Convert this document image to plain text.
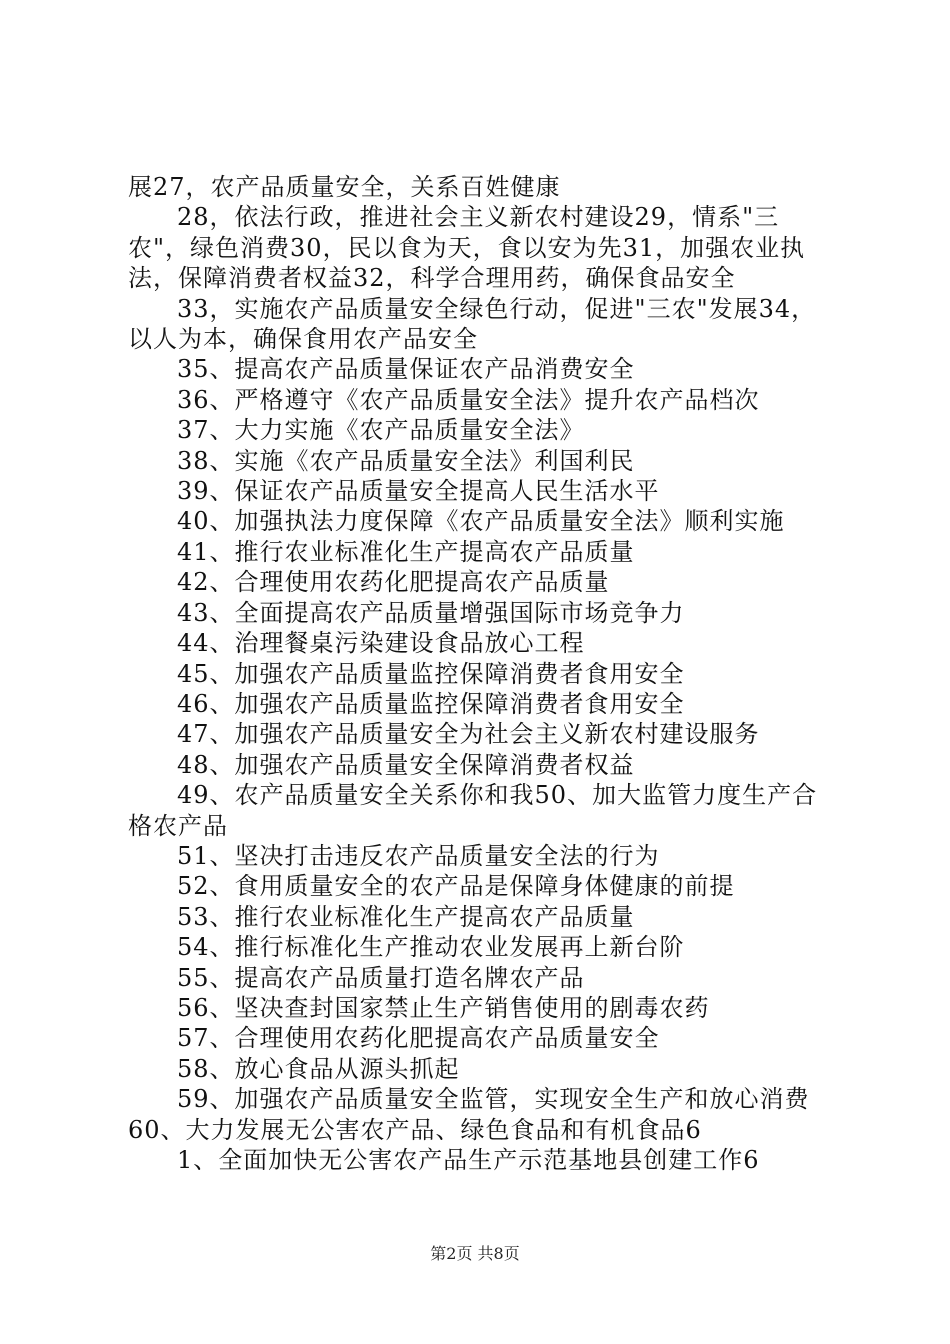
展27，农产品质量安全，关系百姓健康

28，依法行政，推进社会主义新农村建设29，情系"三农"，绿色消费30，民以食为天，食以安为先31，加强农业执法，保障消费者权益32，科学合理用药，确保食品安全

33，实施农产品质量安全绿色行动，促进"三农"发展34，以人为本，确保食用农产品安全

35、提高农产品质量保证农产品消费安全

36、严格遵守《农产品质量安全法》提升农产品档次

37、大力实施《农产品质量安全法》

38、实施《农产品质量安全法》利国利民

39、保证农产品质量安全提高人民生活水平

40、加强执法力度保障《农产品质量安全法》顺利实施

41、推行农业标准化生产提高农产品质量

42、合理使用农药化肥提高农产品质量

43、全面提高农产品质量增强国际市场竞争力

44、治理餐桌污染建设食品放心工程

45、加强农产品质量监控保障消费者食用安全

46、加强农产品质量监控保障消费者食用安全

47、加强农产品质量安全为社会主义新农村建设服务

48、加强农产品质量安全保障消费者权益

49、农产品质量安全关系你和我50、加大监管力度生产合格农产品

51、坚决打击违反农产品质量安全法的行为

52、食用质量安全的农产品是保障身体健康的前提

53、推行农业标准化生产提高农产品质量

54、推行标准化生产推动农业发展再上新台阶

55、提高农产品质量打造名牌农产品

56、坚决查封国家禁止生产销售使用的剧毒农药

57、合理使用农药化肥提高农产品质量安全

58、放心食品从源头抓起

59、加强农产品质量安全监管，实现安全生产和放心消费60、大力发展无公害农产品、绿色食品和有机食品6

1、全面加快无公害农产品生产示范基地县创建工作6

第2页 共8页
